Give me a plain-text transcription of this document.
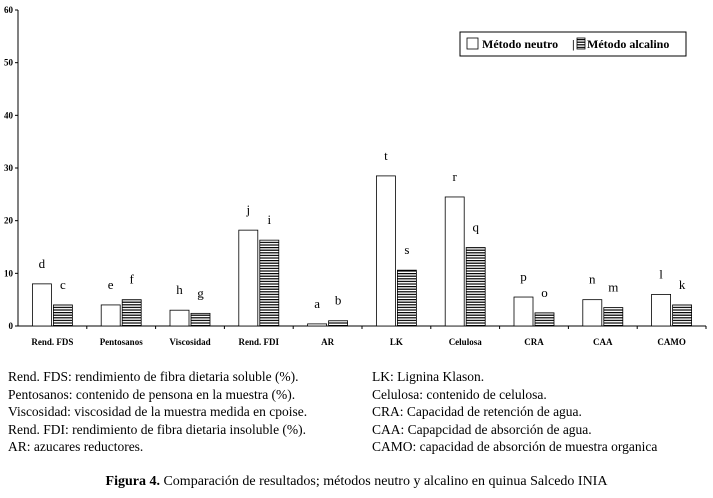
0
10
20
30
40
50
60
d
c	e f
h g
j
i
a b
t
s
r
q
p
o
n
m
l
k
Rend. FDS	Pentosanos	Viscosidad	Rend. FDI	AR	LK	Celulosa	CRA	CAA	CAMO
Método neutro | Método alcalino
Rend. FDS: rendimiento de fibra dietaria soluble (%).
Pentosanos: contenido de pensona en la muestra (%).
Viscosidad: viscosidad de la muestra medida en cpoise.
Rend. FDI: rendimiento de fibra dietaria insoluble (%).
AR: azucares reductores.
LK: Lignina Klason.
Celulosa: contenido de celulosa.
CRA: Capacidad de retención de agua.
CAA: Capapcidad de absorción de agua.
CAMO: capacidad de absorción de muestra organica
Figura 4. Comparación de resultados; métodos neutro y alcalino en quinua Salcedo INIA
